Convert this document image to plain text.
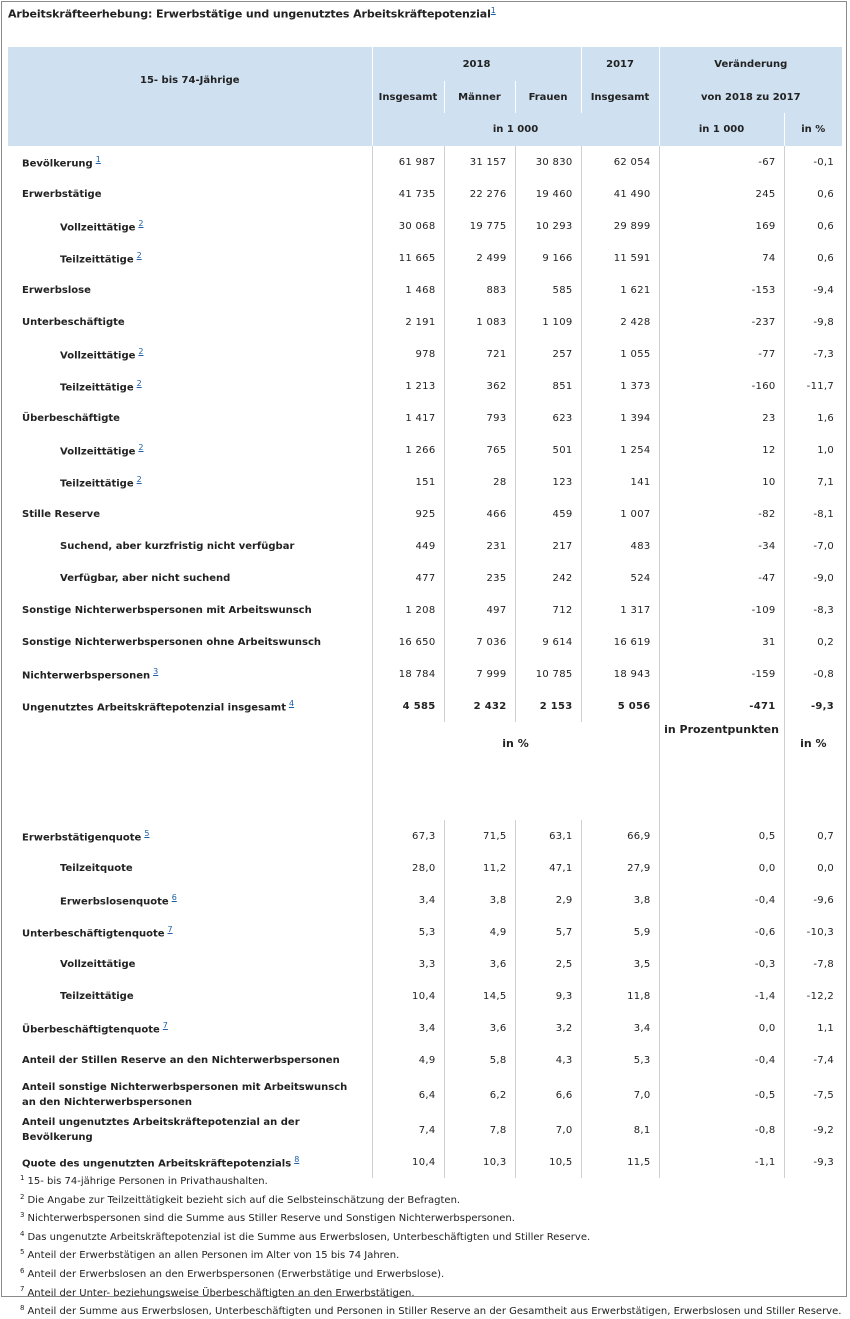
Arbeitskräfteerhebung: Erwerbstätige und ungenutztes Arbeitskräftepotenzial$^1$
15- bis 74-Jährige	2018			2017	Veränderung	
	Insgesamt	Männer	Frauen	Insgesamt	von 2018 zu 2017	
	in 1 000				in 1 000	in %
Bevölkerung $^1$	61 987	31 157	30 830	62 054	-67	-0,1
Erwerbstätige	41 735	22 276	19 460	41 490	245	0,6
Vollzeittätige $^2$	30 068	19 775	10 293	29 899	169	0,6
Teilzeittätige $^2$	11 665	2 499	9 166	11 591	74	0,6
Erwerbslose	1 468	883	585	1 621	-153	-9,4
Unterbeschäftigte	2 191	1 083	1 109	2 428	-237	-9,8
Vollzeittätige $^2$	978	721	257	1 055	-77	-7,3
Teilzeittätige $^2$	1 213	362	851	1 373	-160	-11,7
Überbeschäftigte	1 417	793	623	1 394	23	1,6
Vollzeittätige $^2$	1 266	765	501	1 254	12	1,0
Teilzeittätige $^2$	151	28	123	141	10	7,1
Stille Reserve	925	466	459	1 007	-82	-8,1
Suchend, aber kurzfristig nicht verfügbar	449	231	217	483	-34	-7,0
Verfügbar, aber nicht suchend	477	235	242	524	-47	-9,0
Sonstige Nichterwerbspersonen mit Arbeitswunsch	1 208	497	712	1 317	-109	-8,3
Sonstige Nichterwerbspersonen ohne Arbeitswunsch	16 650	7 036	9 614	16 619	31	0,2
Nichterwerbspersonen $^3$	18 784	7 999	10 785	18 943	-159	-0,8
Ungenutztes Arbeitskräftepotenzial insgesamt $^4$	4 585	2 432	2 153	5 056	-471	-9,3
	in %				in Prozentpunkten	in %
Erwerbstätigenquote $^5$	67,3	71,5	63,1	66,9	0,5	0,7
Teilzeitquote	28,0	11,2	47,1	27,9	0,0	0,0
Erwerbslosenquote $^6$	3,4	3,8	2,9	3,8	-0,4	-9,6
Unterbeschäftigtenquote $^7$	5,3	4,9	5,7	5,9	-0,6	-10,3
Vollzeittätige	3,3	3,6	2,5	3,5	-0,3	-7,8
Teilzeittätige	10,4	14,5	9,3	11,8	-1,4	-12,2
Überbeschäftigtenquote $^7$	3,4	3,6	3,2	3,4	0,0	1,1
Anteil der Stillen Reserve an den Nichterwerbspersonen	4,9	5,8	4,3	5,3	-0,4	-7,4
Anteil sonstige Nichterwerbspersonen mit Arbeitswunsch an den Nichterwerbspersonen	6,4	6,2	6,6	7,0	-0,5	-7,5
Anteil ungenutztes Arbeitskräftepotenzial an der Bevölkerung	7,4	7,8	7,0	8,1	-0,8	-9,2
Quote des ungenutzten Arbeitskräftepotenzials $^8$	10,4	10,3	10,5	11,5	-1,1	-9,3
$^1$ 15- bis 74-jährige Personen in Privathaushalten.
$^2$ Die Angabe zur Teilzeittätigkeit bezieht sich auf die Selbsteinschätzung der Befragten.
$^3$ Nichterwerbspersonen sind die Summe aus Stiller Reserve und Sonstigen Nichterwerbspersonen.
$^4$ Das ungenutzte Arbeitskräftepotenzial ist die Summe aus Erwerbslosen, Unterbeschäftigten und Stiller Reserve.
$^5$ Anteil der Erwerbstätigen an allen Personen im Alter von 15 bis 74 Jahren.
$^6$ Anteil der Erwerbslosen an den Erwerbspersonen (Erwerbstätige und Erwerbslose).
$^7$ Anteil der Unter- beziehungsweise Überbeschäftigten an den Erwerbstätigen.
$^8$ Anteil der Summe aus Erwerbslosen, Unterbeschäftigten und Personen in Stiller Reserve an der Gesamtheit aus Erwerbstätigen, Erwerbslosen und Stiller Reserve.
